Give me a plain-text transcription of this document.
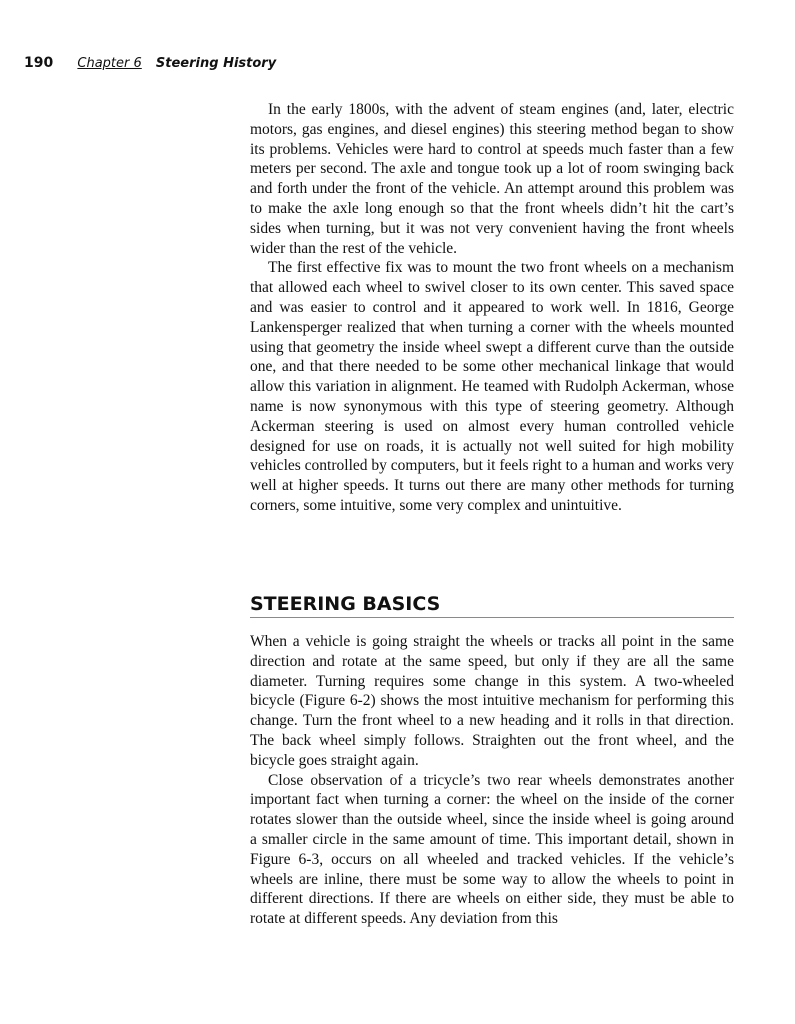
190 Chapter 6 Steering History

In the early 1800s, with the advent of steam engines (and, later, electric motors, gas engines, and diesel engines) this steering method began to show its problems. Vehicles were hard to control at speeds much faster than a few meters per second. The axle and tongue took up a lot of room swinging back and forth under the front of the vehicle. An attempt around this problem was to make the axle long enough so that the front wheels didn’t hit the cart’s sides when turning, but it was not very convenient having the front wheels wider than the rest of the vehicle.

The first effective fix was to mount the two front wheels on a mechanism that allowed each wheel to swivel closer to its own center. This saved space and was easier to control and it appeared to work well. In 1816, George Lankensperger realized that when turning a corner with the wheels mounted using that geometry the inside wheel swept a different curve than the outside one, and that there needed to be some other mechanical linkage that would allow this variation in alignment. He teamed with Rudolph Ackerman, whose name is now synonymous with this type of steering geometry. Although Ackerman steering is used on almost every human controlled vehicle designed for use on roads, it is actually not well suited for high mobility vehicles controlled by computers, but it feels right to a human and works very well at higher speeds. It turns out there are many other methods for turning corners, some intuitive, some very complex and unintuitive.

STEERING BASICS

When a vehicle is going straight the wheels or tracks all point in the same direction and rotate at the same speed, but only if they are all the same diameter. Turning requires some change in this system. A two-wheeled bicycle (Figure 6-2) shows the most intuitive mechanism for performing this change. Turn the front wheel to a new heading and it rolls in that direction. The back wheel simply follows. Straighten out the front wheel, and the bicycle goes straight again.

Close observation of a tricycle’s two rear wheels demonstrates another important fact when turning a corner: the wheel on the inside of the corner rotates slower than the outside wheel, since the inside wheel is going around a smaller circle in the same amount of time. This important detail, shown in Figure 6-3, occurs on all wheeled and tracked vehicles. If the vehicle’s wheels are inline, there must be some way to allow the wheels to point in different directions. If there are wheels on either side, they must be able to rotate at different speeds. Any deviation from this
